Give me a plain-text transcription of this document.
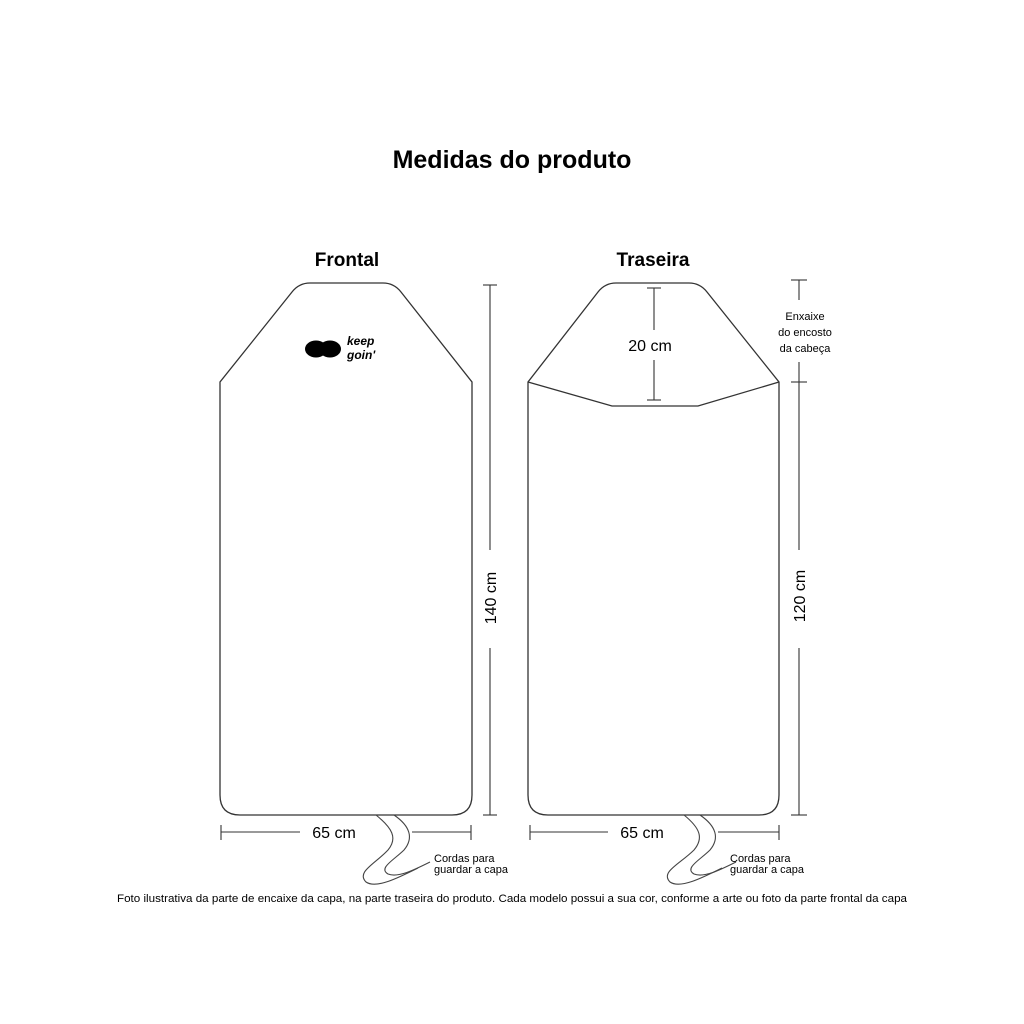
Medidas do produto
Frontal
keep
goin'
140 cm
65 cm
Cordas para
guardar a capa
Traseira
20 cm
Enxaixe
do encosto
da cabeça
120 cm
65 cm
Cordas para
guardar a capa
Foto ilustrativa da parte de encaixe da capa, na parte traseira do produto. Cada modelo possui a sua cor, conforme a arte ou foto da parte frontal da capa
